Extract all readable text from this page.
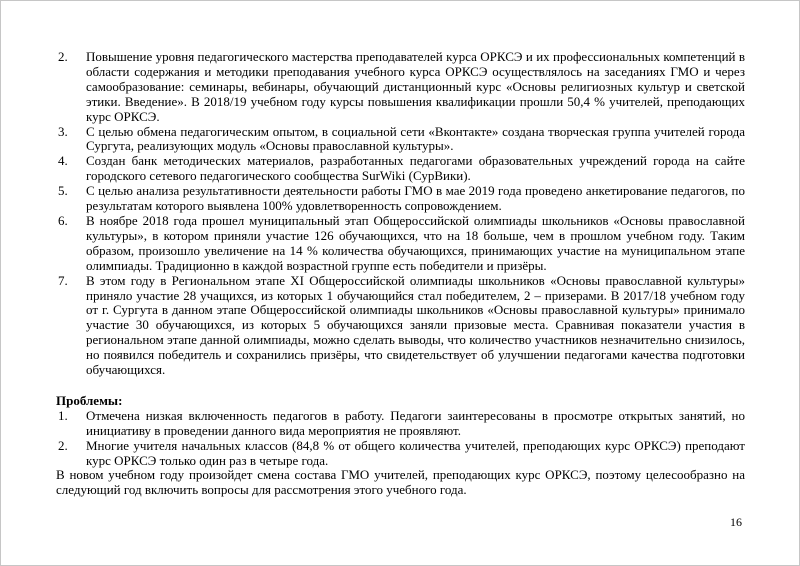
2.	Повышение уровня педагогического мастерства преподавателей курса ОРКСЭ и их профессиональных компетенций в области содержания и методики преподавания учебного курса ОРКСЭ осуществлялось на заседаниях ГМО и через самообразование: семинары, вебинары, обучающий дистанционный курс «Основы религиозных культур и светской этики. Введение». В 2018/19 учебном году курсы повышения квалификации прошли 50,4 % учителей, преподающих курс ОРКСЭ.
3.	С целью обмена педагогическим опытом, в социальной сети «Вконтакте» создана творческая группа учителей города Сургута, реализующих модуль «Основы православной культуры».
4.	Создан банк методических материалов, разработанных педагогами образовательных учреждений города на сайте городского сетевого педагогического сообщества SurWiki (СурВики).
5.	С целью анализа результативности деятельности работы ГМО в мае 2019 года проведено анкетирование педагогов, по результатам которого выявлена 100% удовлетворенность сопровождением.
6.	В ноябре 2018 года прошел муниципальный этап Общероссийской олимпиады школьников «Основы православной культуры», в котором приняли участие 126 обучающихся, что на 18 больше, чем в прошлом учебном году. Таким образом, произошло увеличение на 14 % количества обучающихся, принимающих участие на муниципальном этапе олимпиады. Традиционно в каждой возрастной группе есть победители и призёры.
7.	В этом году в Региональном этапе XI Общероссийской олимпиады школьников «Основы православной культуры» приняло участие 28 учащихся, из которых 1 обучающийся стал победителем, 2 – призерами. В 2017/18 учебном году от г. Сургута в данном этапе Общероссийской олимпиады школьников «Основы православной культуры» принимало участие 30 обучающихся, из которых 5 обучающихся заняли призовые места. Сравнивая показатели участия в региональном этапе данной олимпиады, можно сделать выводы, что количество участников незначительно снизилось, но появился победитель и сохранились призёры, что свидетельствует об улучшении педагогами качества подготовки обучающихся.
Проблемы:
1.	Отмечена низкая включенность педагогов в работу. Педагоги заинтересованы в просмотре открытых занятий, но инициативу в проведении данного вида мероприятия не проявляют.
2.	Многие учителя начальных классов (84,8 % от общего количества учителей, преподающих курс ОРКСЭ) преподают курс ОРКСЭ только один раз в четыре года.

В новом учебном году произойдет смена состава ГМО учителей, преподающих курс ОРКСЭ, поэтому целесообразно на следующий год включить вопросы для рассмотрения этого учебного года.

16
